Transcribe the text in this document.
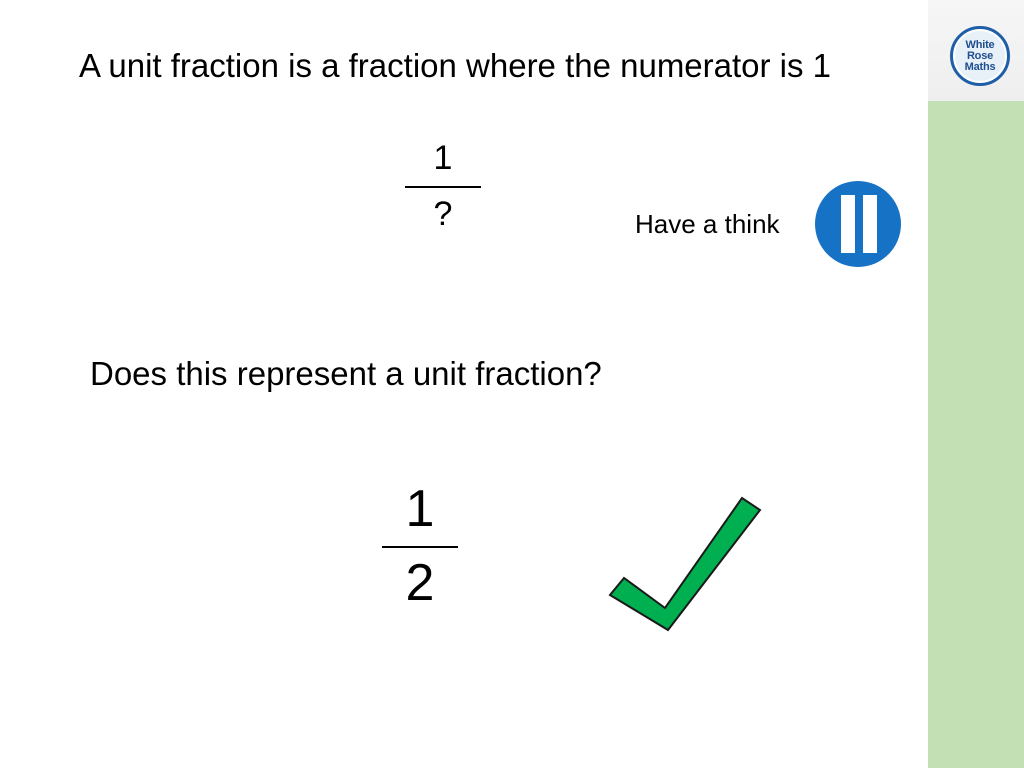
White
Rose
Maths
A unit fraction is a fraction where the numerator is 1
1
?	Have a think
Does this represent a unit fraction?
1
2
